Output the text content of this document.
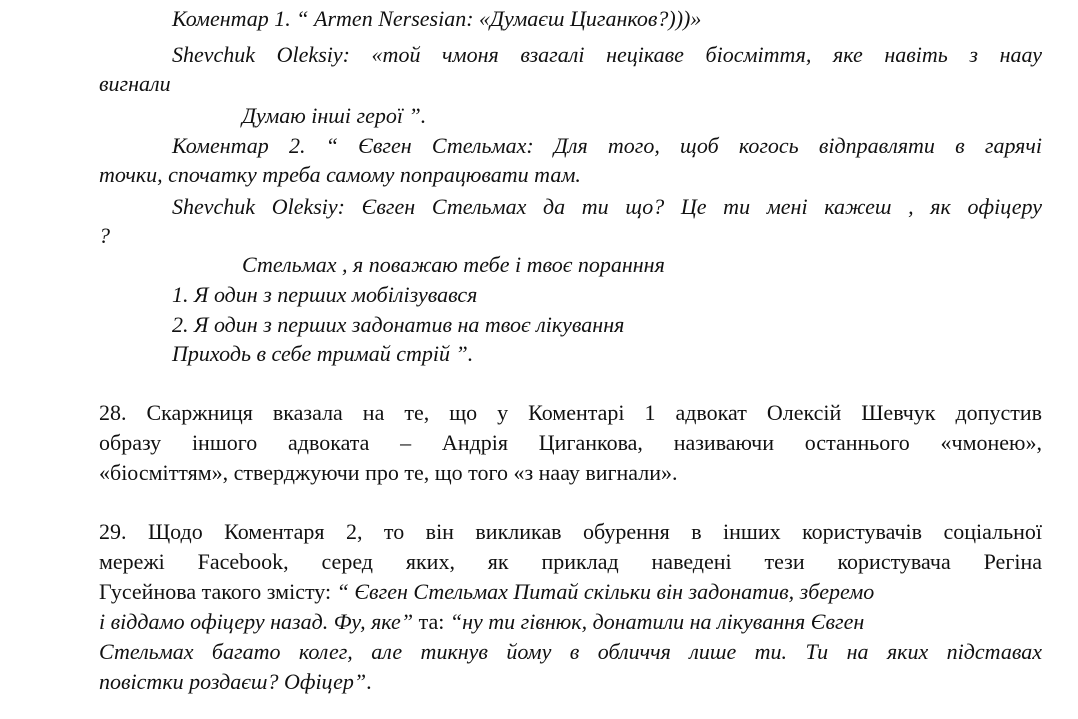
Коментар 1. “ Armen Nersesian: «Думаєш Циганков?)))»
Shevchuk Oleksiy: «той чмоня взагалі нецікаве біосміття, яке навіть з наау
вигнали
Думаю інші герої ”.
Коментар 2. “ Євген Стельмах: Для того, щоб когось відправляти в гарячі
точки, спочатку треба самому попрацювати там.
Shevchuk Oleksiy: Євген Стельмах да ти що? Це ти мені кажеш , як офіцеру
?
Стельмах , я поважаю тебе і твоє поранння
1. Я один з перших мобілізувався
2. Я один з перших задонатив на твоє лікування
Приходь в себе тримай стрій ”.
28. Скаржниця вказала на те, що у Коментарі 1 адвокат Олексій Шевчук допустив
образу іншого адвоката – Андрія Циганкова, називаючи останнього «чмонею»,
«біосміттям», стверджуючи про те, що того «з наау вигнали».
29. Щодо Коментаря 2, то він викликав обурення в інших користувачів соціальної
мережі Facebook, серед яких, як приклад наведені тези користувача Регіна
Гусейнова такого змісту: “ Євген Стельмах Питай скільки він задонатив, зберемо
і віддамо офіцеру назад. Фу, яке” та: “ну ти гівнюк, донатили на лікування Євген
Стельмах багато колег, але тикнув йому в обличчя лише ти. Ти на яких підставах
повістки роздаєш? Офіцер”.
